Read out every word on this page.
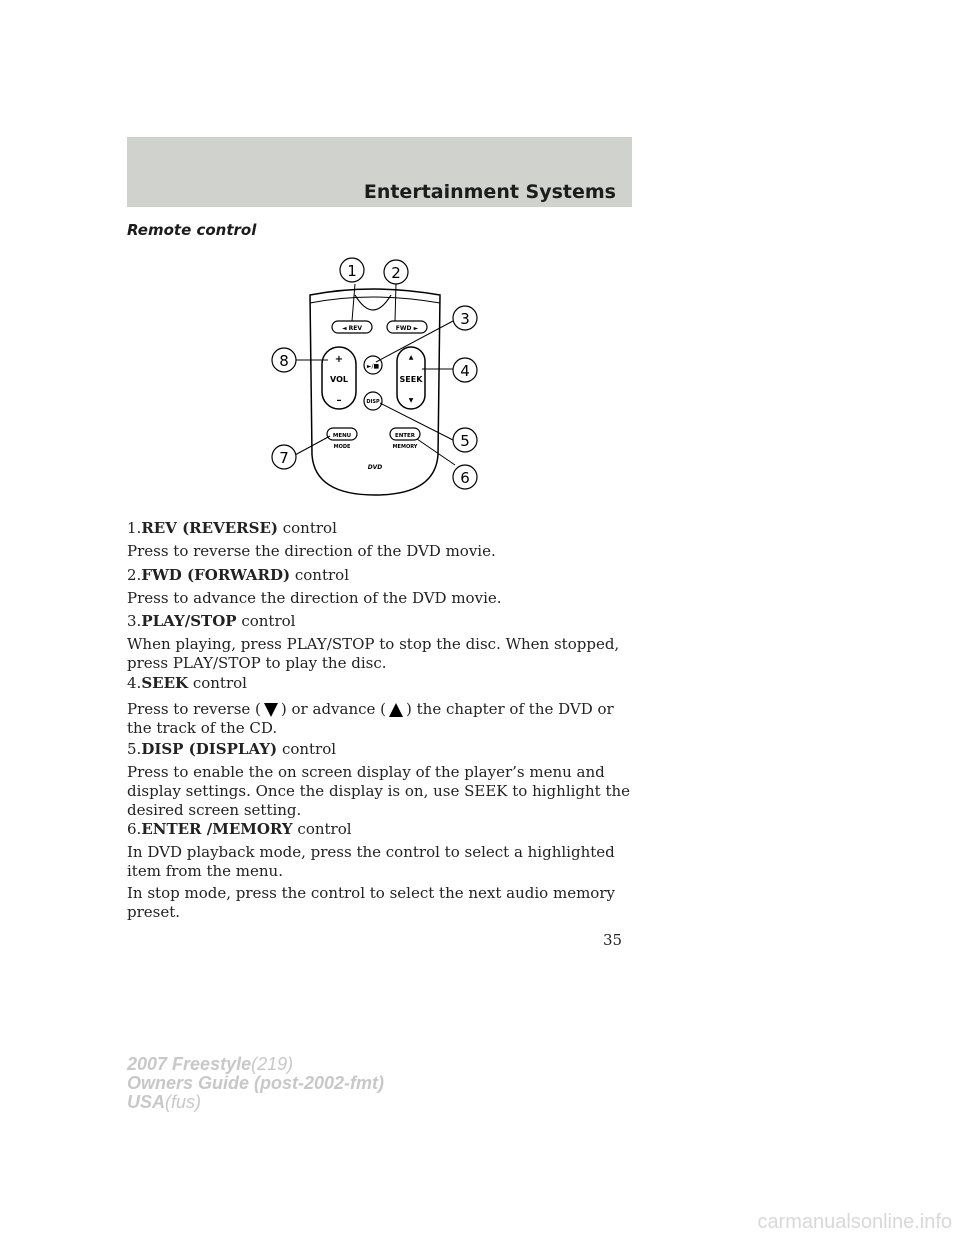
Entertainment Systems
Remote control
◄ REV	FWD ►
+
VOL
–
►/■
DISP
▲
SEEK
▼
MENU
MODE
ENTER
MEMORY
DVD
1 2
3
4
5
6
7
8
1.REV (REVERSE) control
Press to reverse the direction of the DVD movie.
2.FWD (FORWARD) control
Press to advance the direction of the DVD movie.
3.PLAY/STOP control
When playing, press PLAY/STOP to stop the disc. When stopped, press PLAY/STOP to play the disc.
4.SEEK control
Press to reverse ( ) or advance ( ) the chapter of the DVD or the track of the CD.
5.DISP (DISPLAY) control
Press to enable the on screen display of the player’s menu and display settings. Once the display is on, use SEEK to highlight the desired screen setting.
6.ENTER /MEMORY control
In DVD playback mode, press the control to select a highlighted item from the menu.
In stop mode, press the control to select the next audio memory preset.
35
2007 Freestyle(219)
Owners Guide (post-2002-fmt)
USA(fus)
carmanualsonline.info
